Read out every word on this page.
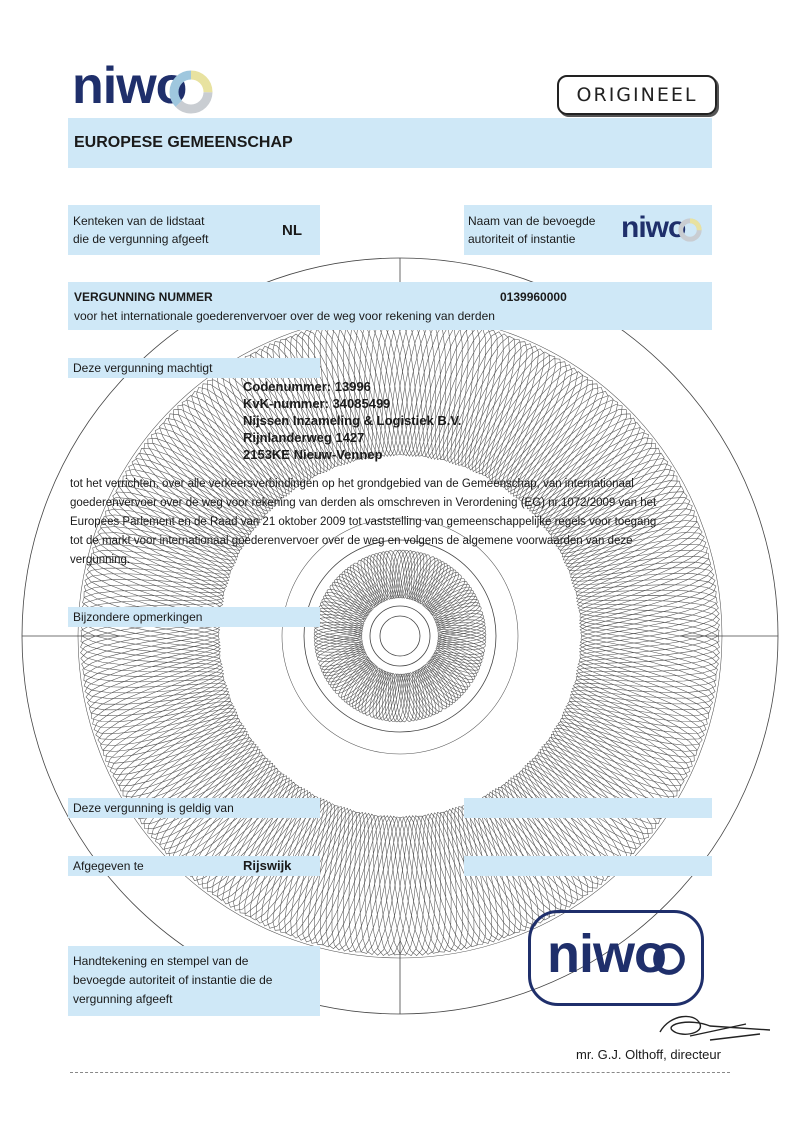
niwo	ORIGINEEL
EUROPESE GEMEENSCHAP
Kenteken van de lidstaat
die de vergunning afgeeft	NL
Naam van de bevoegde
autoriteit of instantie niwo
VERGUNNING NUMMER	0139960000
voor het internationale goederenvervoer over de weg voor rekening van derden
Deze vergunning machtigt
Codenummer: 13996
KvK-nummer: 34085499
Nijssen Inzameling & Logistiek B.V.
Rijnlanderweg 1427
2153KE Nieuw-Vennep
tot het verrichten, over alle verkeersverbindingen op het grondgebied van de Gemeenschap, van internationaal
goederenvervoer over de weg voor rekening van derden als omschreven in Verordening (EG) nr.1072/2009 van het
Europees Parlement en de Raad van 21 oktober 2009 tot vaststelling van gemeenschappelijke regels voor toegang
tot de markt voor internationaal goederenvervoer over de weg en volgens de algemene voorwaarden van deze
vergunning.
Bijzondere opmerkingen
Deze vergunning is geldig van
Afgegeven te	Rijswijk
Handtekening en stempel van de
bevoegde autoriteit of instantie die de
vergunning afgeeft
niwo
mr. G.J. Olthoff, directeur
